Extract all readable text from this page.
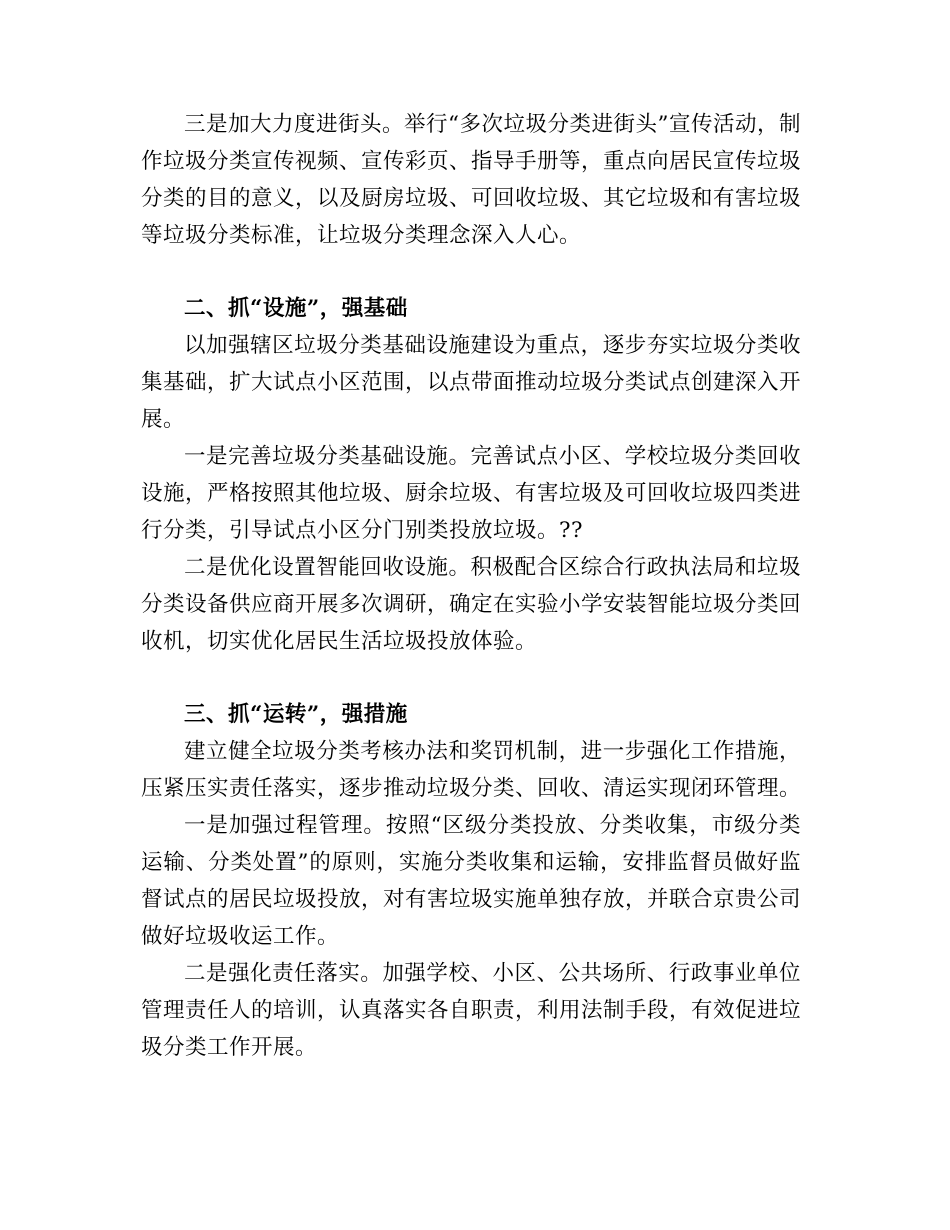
三是加大力度进街头。举行“多次垃圾分类进街头”宣传活动，制作垃圾分类宣传视频、宣传彩页、指导手册等，重点向居民宣传垃圾分类的目的意义，以及厨房垃圾、可回收垃圾、其它垃圾和有害垃圾等垃圾分类标准，让垃圾分类理念深入人心。

二、抓“设施”，强基础

以加强辖区垃圾分类基础设施建设为重点，逐步夯实垃圾分类收集基础，扩大试点小区范围，以点带面推动垃圾分类试点创建深入开展。

一是完善垃圾分类基础设施。完善试点小区、学校垃圾分类回收设施，严格按照其他垃圾、厨余垃圾、有害垃圾及可回收垃圾四类进行分类，引导试点小区分门别类投放垃圾。??

二是优化设置智能回收设施。积极配合区综合行政执法局和垃圾分类设备供应商开展多次调研，确定在实验小学安装智能垃圾分类回收机，切实优化居民生活垃圾投放体验。

三、抓“运转”，强措施

建立健全垃圾分类考核办法和奖罚机制，进一步强化工作措施，压紧压实责任落实，逐步推动垃圾分类、回收、清运实现闭环管理。

一是加强过程管理。按照“区级分类投放、分类收集，市级分类运输、分类处置”的原则，实施分类收集和运输，安排监督员做好监督试点的居民垃圾投放，对有害垃圾实施单独存放，并联合京贵公司做好垃圾收运工作。

二是强化责任落实。加强学校、小区、公共场所、行政事业单位管理责任人的培训，认真落实各自职责，利用法制手段，有效促进垃圾分类工作开展。
